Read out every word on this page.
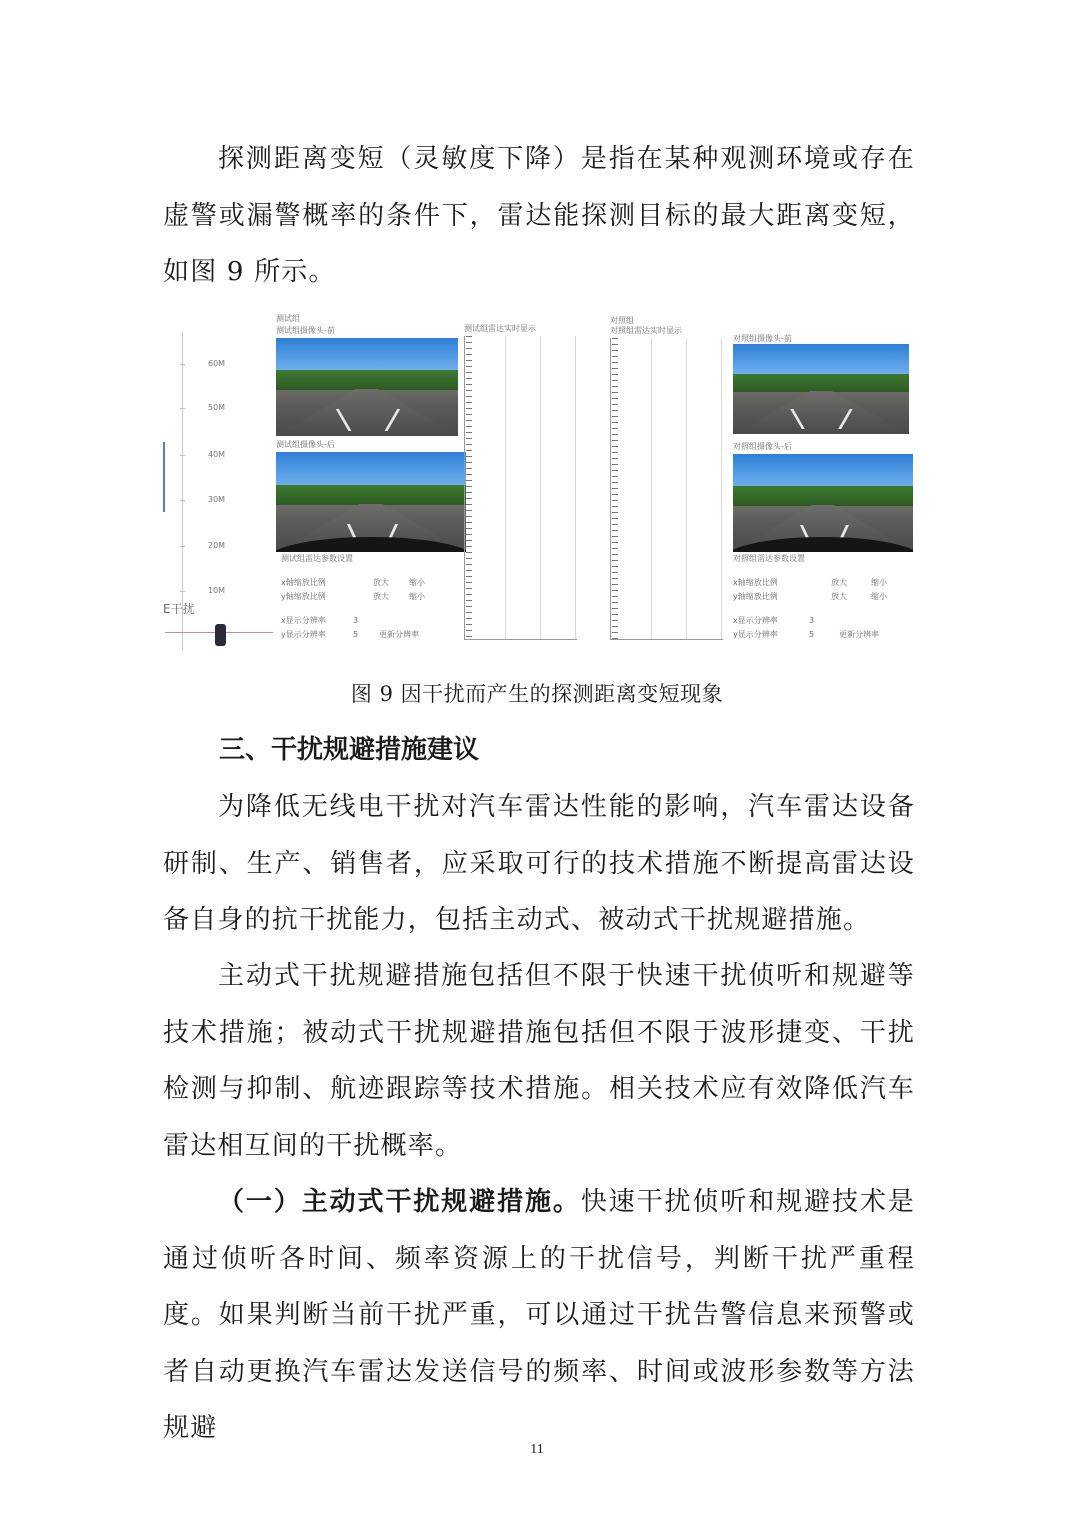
探测距离变短（灵敏度下降）是指在某种观测环境或存在虚警或漏警概率的条件下，雷达能探测目标的最大距离变短，如图 9 所示。

60M
50M
40M
30M
20M
10M
E干扰
测试组
测试组摄像头-前
测试组摄像头-后
测试组雷达参数设置
x轴缩放比例	放大	缩小
y轴缩放比例	放大	缩小
x显示分辨率	3
y显示分辨率	5	更新分辨率
测试组雷达实时显示
对照组
对照组雷达实时显示
对照组摄像头-前
对照组摄像头-后
对照组雷达参数设置
x轴缩放比例	放大	缩小
y轴缩放比例	放大	缩小
x显示分辨率	3
y显示分辨率	5	更新分辨率
图 9 因干扰而产生的探测距离变短现象
三、干扰规避措施建议

为降低无线电干扰对汽车雷达性能的影响，汽车雷达设备研制、生产、销售者，应采取可行的技术措施不断提高雷达设备自身的抗干扰能力，包括主动式、被动式干扰规避措施。

主动式干扰规避措施包括但不限于快速干扰侦听和规避等技术措施；被动式干扰规避措施包括但不限于波形捷变、干扰检测与抑制、航迹跟踪等技术措施。相关技术应有效降低汽车雷达相互间的干扰概率。

（一）主动式干扰规避措施。快速干扰侦听和规避技术是通过侦听各时间、频率资源上的干扰信号，判断干扰严重程度。如果判断当前干扰严重，可以通过干扰告警信息来预警或者自动更换汽车雷达发送信号的频率、时间或波形参数等方法规避

11
